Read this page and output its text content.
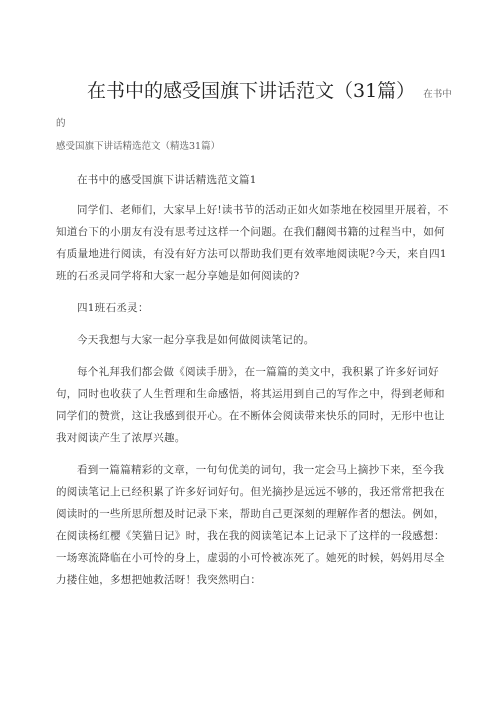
在书中的感受国旗下讲话范文（31篇） 在书中的
感受国旗下讲话精选范文（精选31篇）

在书中的感受国旗下讲话精选范文篇1

同学们、老师们，大家早上好!读书节的活动正如火如荼地在校园里开展着，不知道台下的小朋友有没有思考过这样一个问题。在我们翻阅书籍的过程当中，如何有质量地进行阅读，有没有好方法可以帮助我们更有效率地阅读呢?今天，来自四1班的石丞灵同学将和大家一起分享她是如何阅读的?

四1班石丞灵：

今天我想与大家一起分享我是如何做阅读笔记的。

每个礼拜我们都会做《阅读手册》，在一篇篇的美文中，我积累了许多好词好句，同时也收获了人生哲理和生命感悟，将其运用到自己的写作之中，得到老师和同学们的赞赏，这让我感到很开心。在不断体会阅读带来快乐的同时，无形中也让我对阅读产生了浓厚兴趣。

看到一篇篇精彩的文章，一句句优美的词句，我一定会马上摘抄下来，至今我的阅读笔记上已经积累了许多好词好句。但光摘抄是远远不够的，我还常常把我在阅读时的一些所思所想及时记录下来，帮助自己更深刻的理解作者的想法。例如，在阅读杨红樱《笑猫日记》时，我在我的阅读笔记本上记录下了这样的一段感想：一场寒流降临在小可怜的身上，虚弱的小可怜被冻死了。她死的时候，妈妈用尽全力搂住她，多想把她救活呀！我突然明白：
